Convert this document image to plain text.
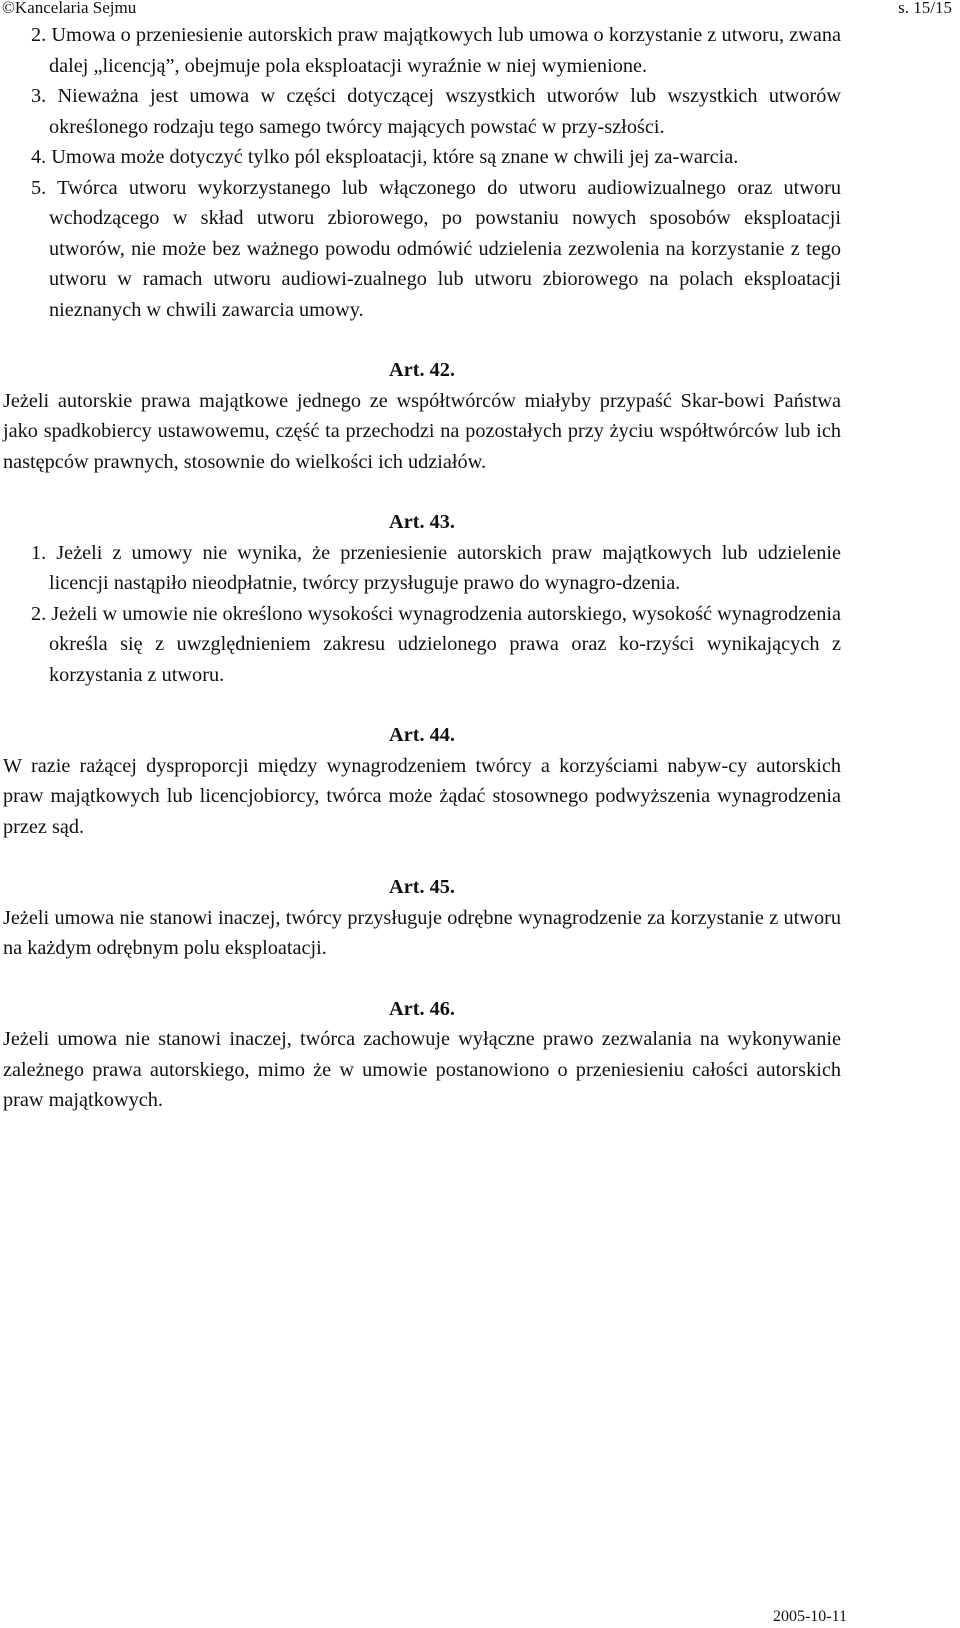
©Kancelaria Sejmu	s. 15/15

2. Umowa o przeniesienie autorskich praw majątkowych lub umowa o korzystanie z utworu, zwana dalej „licencją”, obejmuje pola eksploatacji wyraźnie w niej wymienione.

3. Nieważna jest umowa w części dotyczącej wszystkich utworów lub wszystkich utworów określonego rodzaju tego samego twórcy mających powstać w przy-szłości.

4. Umowa może dotyczyć tylko pól eksploatacji, które są znane w chwili jej za-warcia.

5. Twórca utworu wykorzystanego lub włączonego do utworu audiowizualnego oraz utworu wchodzącego w skład utworu zbiorowego, po powstaniu nowych sposobów eksploatacji utworów, nie może bez ważnego powodu odmówić udzielenia zezwolenia na korzystanie z tego utworu w ramach utworu audiowi-zualnego lub utworu zbiorowego na polach eksploatacji nieznanych w chwili zawarcia umowy.

Art. 42.

Jeżeli autorskie prawa majątkowe jednego ze współtwórców miałyby przypaść Skar-bowi Państwa jako spadkobiercy ustawowemu, część ta przechodzi na pozostałych przy życiu współtwórców lub ich następców prawnych, stosownie do wielkości ich udziałów.

Art. 43.

1. Jeżeli z umowy nie wynika, że przeniesienie autorskich praw majątkowych lub udzielenie licencji nastąpiło nieodpłatnie, twórcy przysługuje prawo do wynagro-dzenia.

2. Jeżeli w umowie nie określono wysokości wynagrodzenia autorskiego, wysokość wynagrodzenia określa się z uwzględnieniem zakresu udzielonego prawa oraz ko-rzyści wynikających z korzystania z utworu.

Art. 44.

W razie rażącej dysproporcji między wynagrodzeniem twórcy a korzyściami nabyw-cy autorskich praw majątkowych lub licencjobiorcy, twórca może żądać stosownego podwyższenia wynagrodzenia przez sąd.

Art. 45.

Jeżeli umowa nie stanowi inaczej, twórcy przysługuje odrębne wynagrodzenie za korzystanie z utworu na każdym odrębnym polu eksploatacji.

Art. 46.

Jeżeli umowa nie stanowi inaczej, twórca zachowuje wyłączne prawo zezwalania na wykonywanie zależnego prawa autorskiego, mimo że w umowie postanowiono o przeniesieniu całości autorskich praw majątkowych.

2005-10-11
